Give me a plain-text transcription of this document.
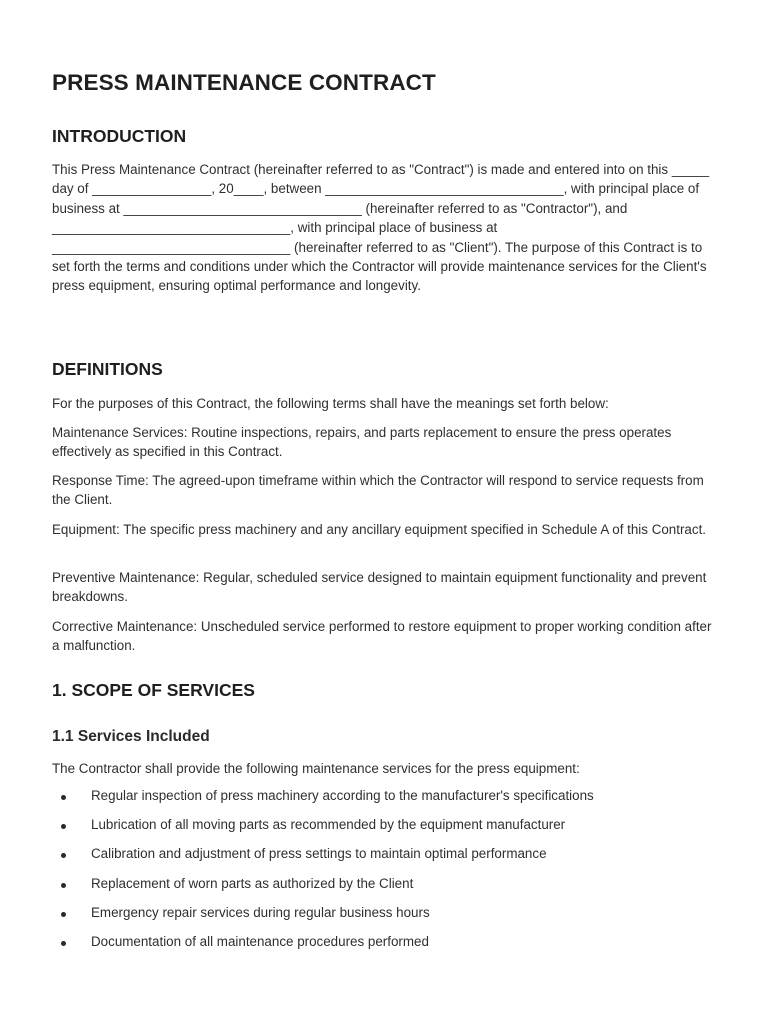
PRESS MAINTENANCE CONTRACT
INTRODUCTION

This Press Maintenance Contract (hereinafter referred to as "Contract") is made and entered into on this _____ day of ________________, 20____, between ________________________________, with principal place of business at ________________________________ (hereinafter referred to as "Contractor"), and ________________________________, with principal place of business at ________________________________ (hereinafter referred to as "Client"). The purpose of this Contract is to set forth the terms and conditions under which the Contractor will provide maintenance services for the Client's press equipment, ensuring optimal performance and longevity.

DEFINITIONS

For the purposes of this Contract, the following terms shall have the meanings set forth below:

Maintenance Services: Routine inspections, repairs, and parts replacement to ensure the press operates effectively as specified in this Contract.

Response Time: The agreed-upon timeframe within which the Contractor will respond to service requests from the Client.

Equipment: The specific press machinery and any ancillary equipment specified in Schedule A of this Contract.

Preventive Maintenance: Regular, scheduled service designed to maintain equipment functionality and prevent breakdowns.

Corrective Maintenance: Unscheduled service performed to restore equipment to proper working condition after a malfunction.

1. SCOPE OF SERVICES
1.1 Services Included

The Contractor shall provide the following maintenance services for the press equipment:

Regular inspection of press machinery according to the manufacturer's specifications
Lubrication of all moving parts as recommended by the equipment manufacturer
Calibration and adjustment of press settings to maintain optimal performance
Replacement of worn parts as authorized by the Client
Emergency repair services during regular business hours
Documentation of all maintenance procedures performed
